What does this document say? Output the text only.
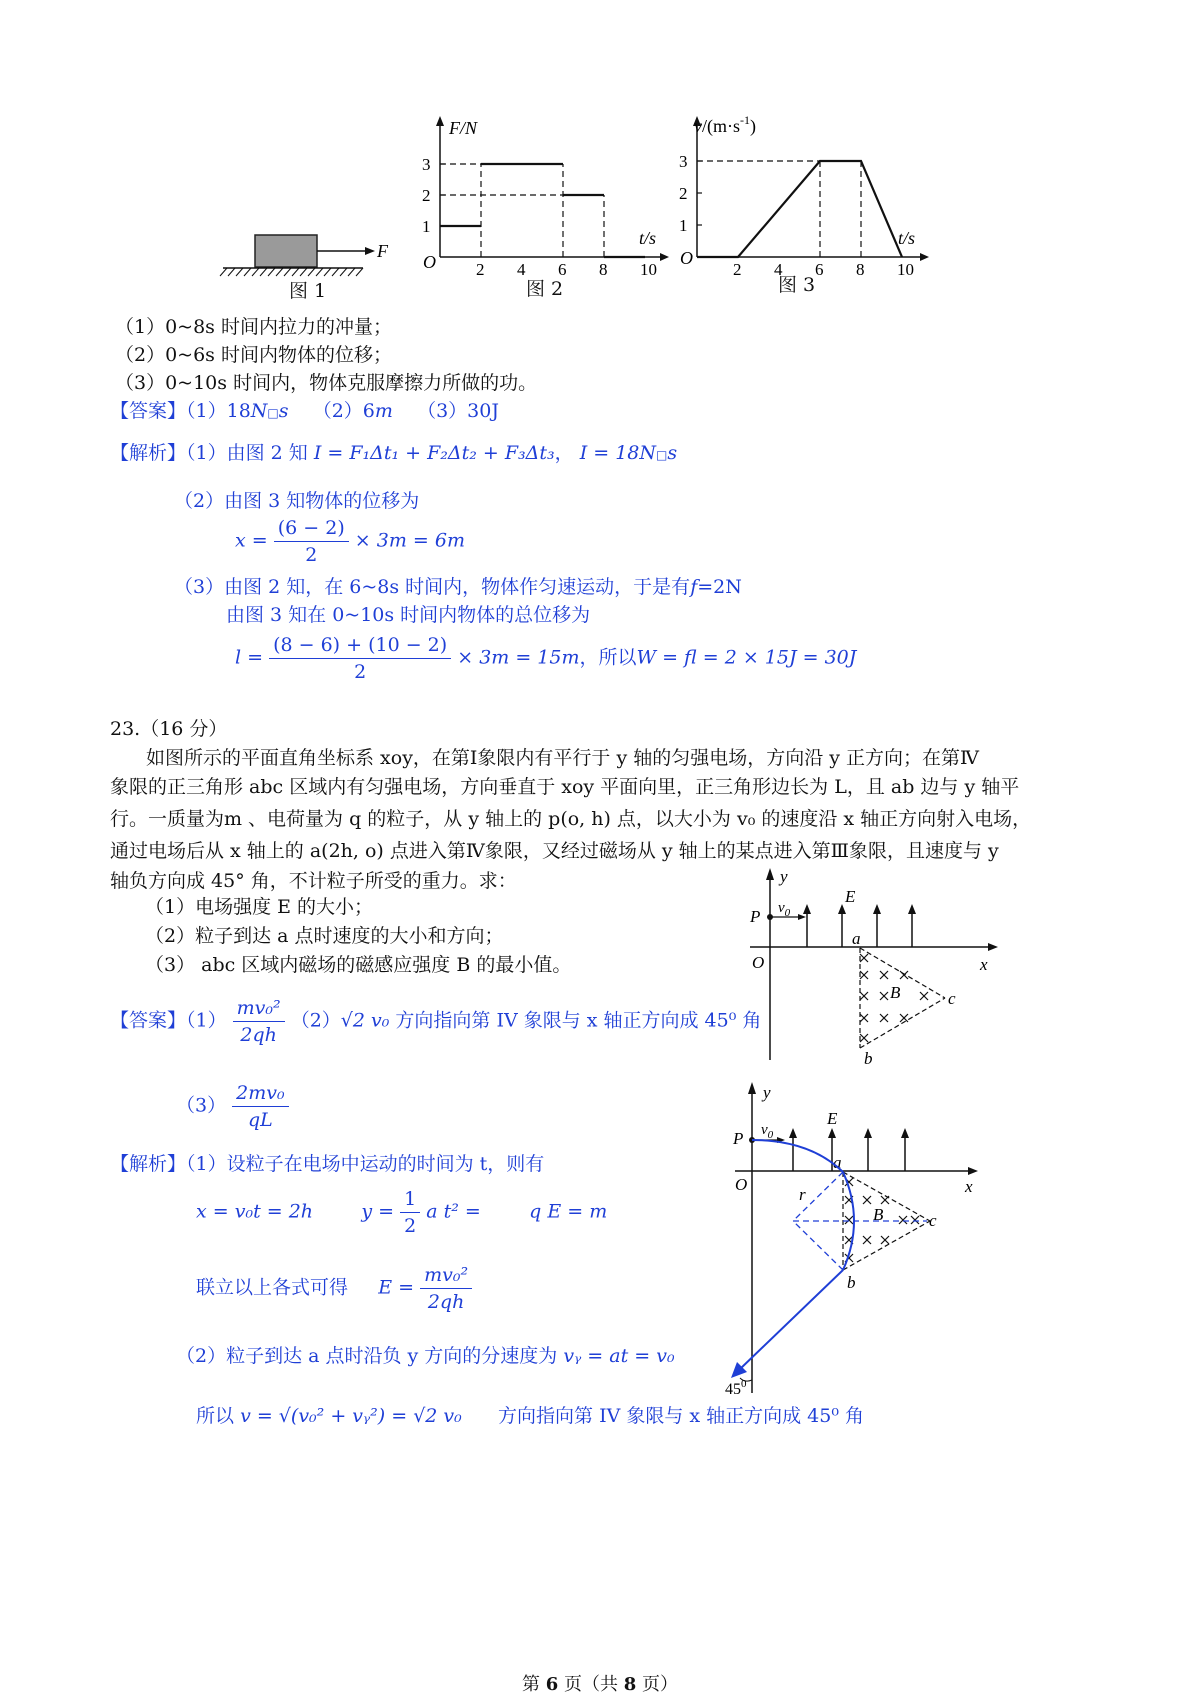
F
图 1
F/N
t/s
O 2 4 6 8 10
1
2
3
图 2
$v/(m\cdot s^{-1})$
t/s
O
2 4 6 8 10
1
2
3
图 3
（1）0~8s 时间内拉力的冲量；
（2）0~6s 时间内物体的位移；
（3）0~10s 时间内，物体克服摩擦力所做的功。
【答案】（1）18N□s （2）6m （3）30J
【解析】（1）由图 2 知 I = F₁Δt₁ + F₂Δt₂ + F₃Δt₃， I = 18N□s
（2）由图 3 知物体的位移为
$x = \frac{(6 - 2)}{2} \times 3m = 6m$
（3）由图 2 知，在 6~8s 时间内，物体作匀速运动，于是有f=2N
由图 3 知在 0~10s 时间内物体的总位移为
$l = \frac{(8 - 6) + (10 - 2)}{2} \times 3m = 15m$，所以W = fl = 2 × 15J = 30J
23.（16 分）
如图所示的平面直角坐标系 xoy，在第Ⅰ象限内有平行于 y 轴的匀强电场，方向沿 y 正方向；在第Ⅳ
象限的正三角形 abc 区域内有匀强电场，方向垂直于 xoy 平面向里，正三角形边长为 L，且 ab 边与 y 轴平
行。一质量为m 、电荷量为 q 的粒子，从 y 轴上的 p(o, h) 点，以大小为 v₀ 的速度沿 x 轴正方向射入电场，
通过电场后从 x 轴上的 a(2h, o) 点进入第Ⅳ象限，又经过磁场从 y 轴上的某点进入第Ⅲ象限，且速度与 y
轴负方向成 45° 角，不计粒子所受的重力。求：
（1）电场强度 E 的大小；
（2）粒子到达 a 点时速度的大小和方向；
（3） abc 区域内磁场的磁感应强度 B 的最小值。
y
x
O
P $v_0$
E
a
b
c
B
【答案】$(1) \frac{\text{mv₀²}}{2qh} (2)√2$ v₀ 方向指向第 IV 象限与 x 轴正方向成 45⁰ 角
$(3) \frac{\text{2mv₀}}{qL}$	y
x
O
P $v_0$
E
a
b
c
B
r
$45^0$
【解析】（1）设粒子在电场中运动的时间为 t，则有
x = v₀t = 2h	$y = \frac{1}{2}$ a t² =	q E = m
联立以上各式可得 $E = \frac{\text{mv₀²}}{2qh}$
（2）粒子到达 a 点时沿负 y 方向的分速度为 vᵧ = at = v₀
所以 v = √(v₀² + vᵧ²) = √2 v₀ 方向指向第 IV 象限与 x 轴正方向成 45⁰ 角
第 6 页（共 8 页）
